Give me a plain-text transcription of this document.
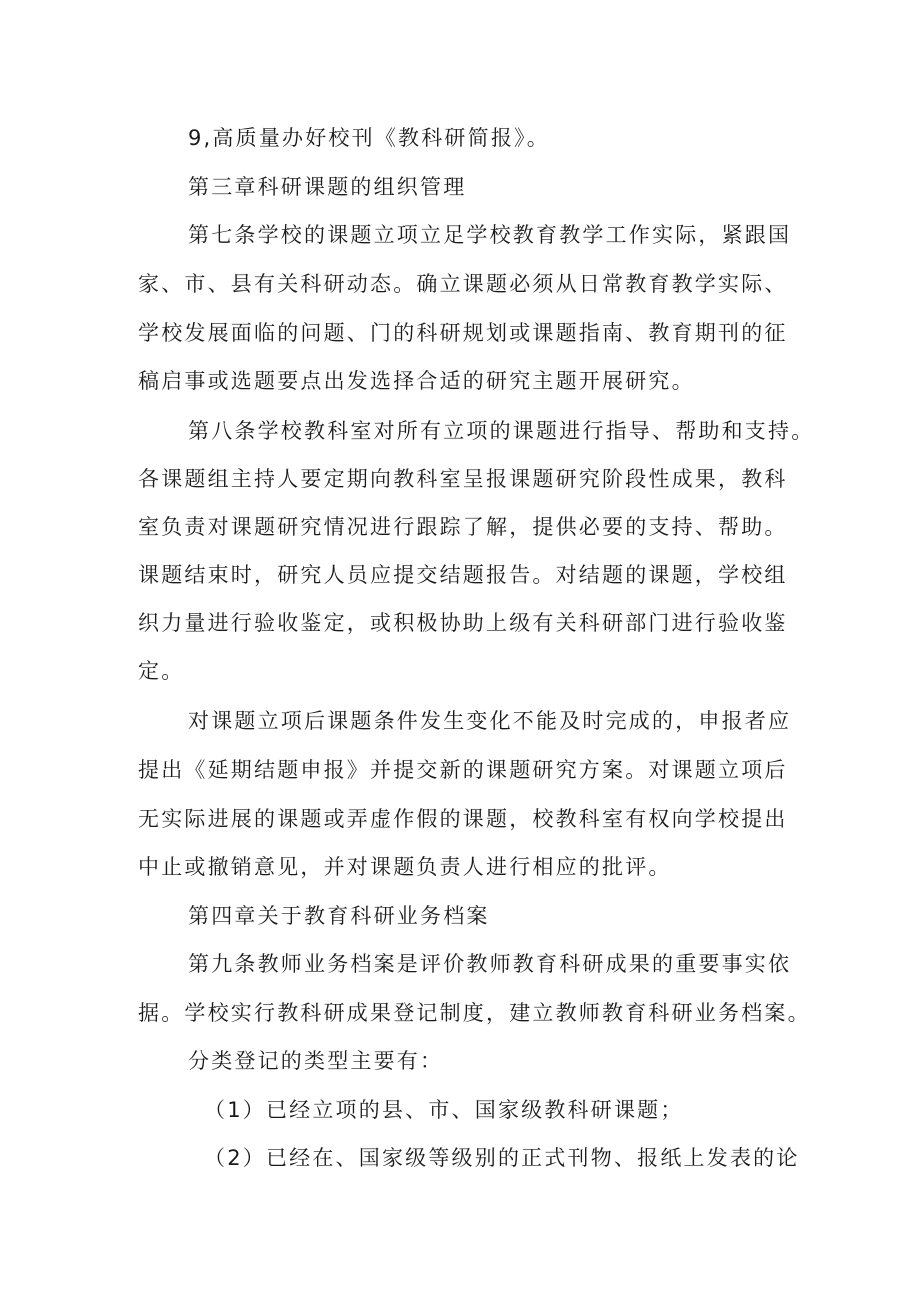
9,高质量办好校刊《教科研简报》。
第三章科研课题的组织管理
第七条学校的课题立项立足学校教育教学工作实际，紧跟国
家、市、县有关科研动态。确立课题必须从日常教育教学实际、
学校发展面临的问题、门的科研规划或课题指南、教育期刊的征
稿启事或选题要点出发选择合适的研究主题开展研究。
第八条学校教科室对所有立项的课题进行指导、帮助和支持。
各课题组主持人要定期向教科室呈报课题研究阶段性成果，教科
室负责对课题研究情况进行跟踪了解，提供必要的支持、帮助。
课题结束时，研究人员应提交结题报告。对结题的课题，学校组
织力量进行验收鉴定，或积极协助上级有关科研部门进行验收鉴
定。
对课题立项后课题条件发生变化不能及时完成的，申报者应
提出《延期结题申报》并提交新的课题研究方案。对课题立项后
无实际进展的课题或弄虚作假的课题，校教科室有权向学校提出
中止或撤销意见，并对课题负责人进行相应的批评。
第四章关于教育科研业务档案
第九条教师业务档案是评价教师教育科研成果的重要事实依
据。学校实行教科研成果登记制度，建立教师教育科研业务档案。
分类登记的类型主要有：
（1）已经立项的县、市、国家级教科研课题；
（2）已经在、国家级等级别的正式刊物、报纸上发表的论
